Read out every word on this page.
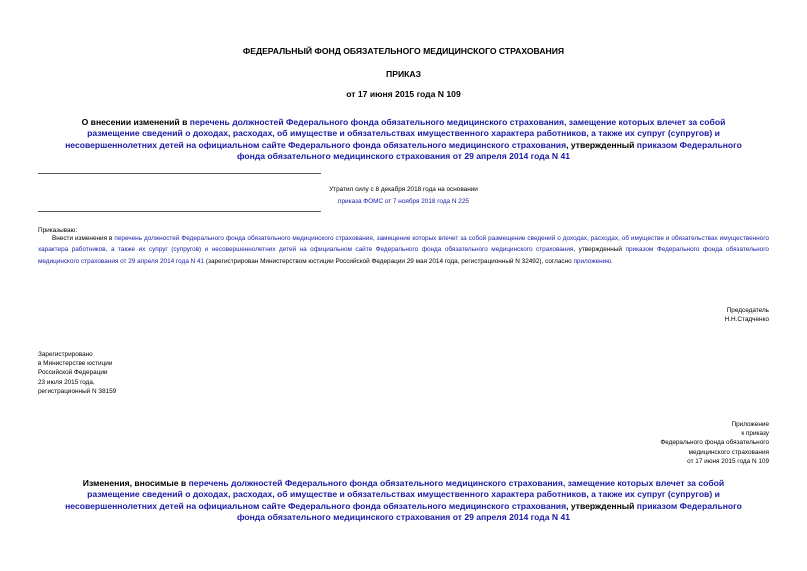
ФЕДЕРАЛЬНЫЙ ФОНД ОБЯЗАТЕЛЬНОГО МЕДИЦИНСКОГО СТРАХОВАНИЯ
ПРИКАЗ
от 17 июня 2015 года N 109
О внесении изменений в перечень должностей Федерального фонда обязательного медицинского страхования, замещение которых влечет за собой размещение сведений о доходах, расходах, об имуществе и обязательствах имущественного характера работников, а также их супруг (супругов) и несовершеннолетних детей на официальном сайте Федерального фонда обязательного медицинского страхования, утвержденный приказом Федерального фонда обязательного медицинского страхования от 29 апреля 2014 года N 41
Утратил силу с 8 декабря 2018 года на основании
приказа ФОМС от 7 ноября 2018 года N 225
Приказываю:

Внести изменения в перечень должностей Федерального фонда обязательного медицинского страхования, замещение которых влечет за собой размещение сведений о доходах, расходах, об имуществе и обязательствах имущественного характера работников, а также их супруг (супругов) и несовершеннолетних детей на официальном сайте Федерального фонда обязательного медицинского страхования, утвержденный приказом Федерального фонда обязательного медицинского страхования от 29 апреля 2014 года N 41 (зарегистрирован Министерством юстиции Российской Федерации 29 мая 2014 года, регистрационный N 32492), согласно приложению.

Председатель
Н.Н.Стадченко
Зарегистрировано
в Министерстве юстиции
Российской Федерации
23 июля 2015 года,
регистрационный N 38159
Приложение
к приказу
Федерального фонда обязательного
медицинского страхования
от 17 июня 2015 года N 109
Изменения, вносимые в перечень должностей Федерального фонда обязательного медицинского страхования, замещение которых влечет за собой размещение сведений о доходах, расходах, об имуществе и обязательствах имущественного характера работников, а также их супруг (супругов) и несовершеннолетних детей на официальном сайте Федерального фонда обязательного медицинского страхования, утвержденный приказом Федерального фонда обязательного медицинского страхования от 29 апреля 2014 года N 41
